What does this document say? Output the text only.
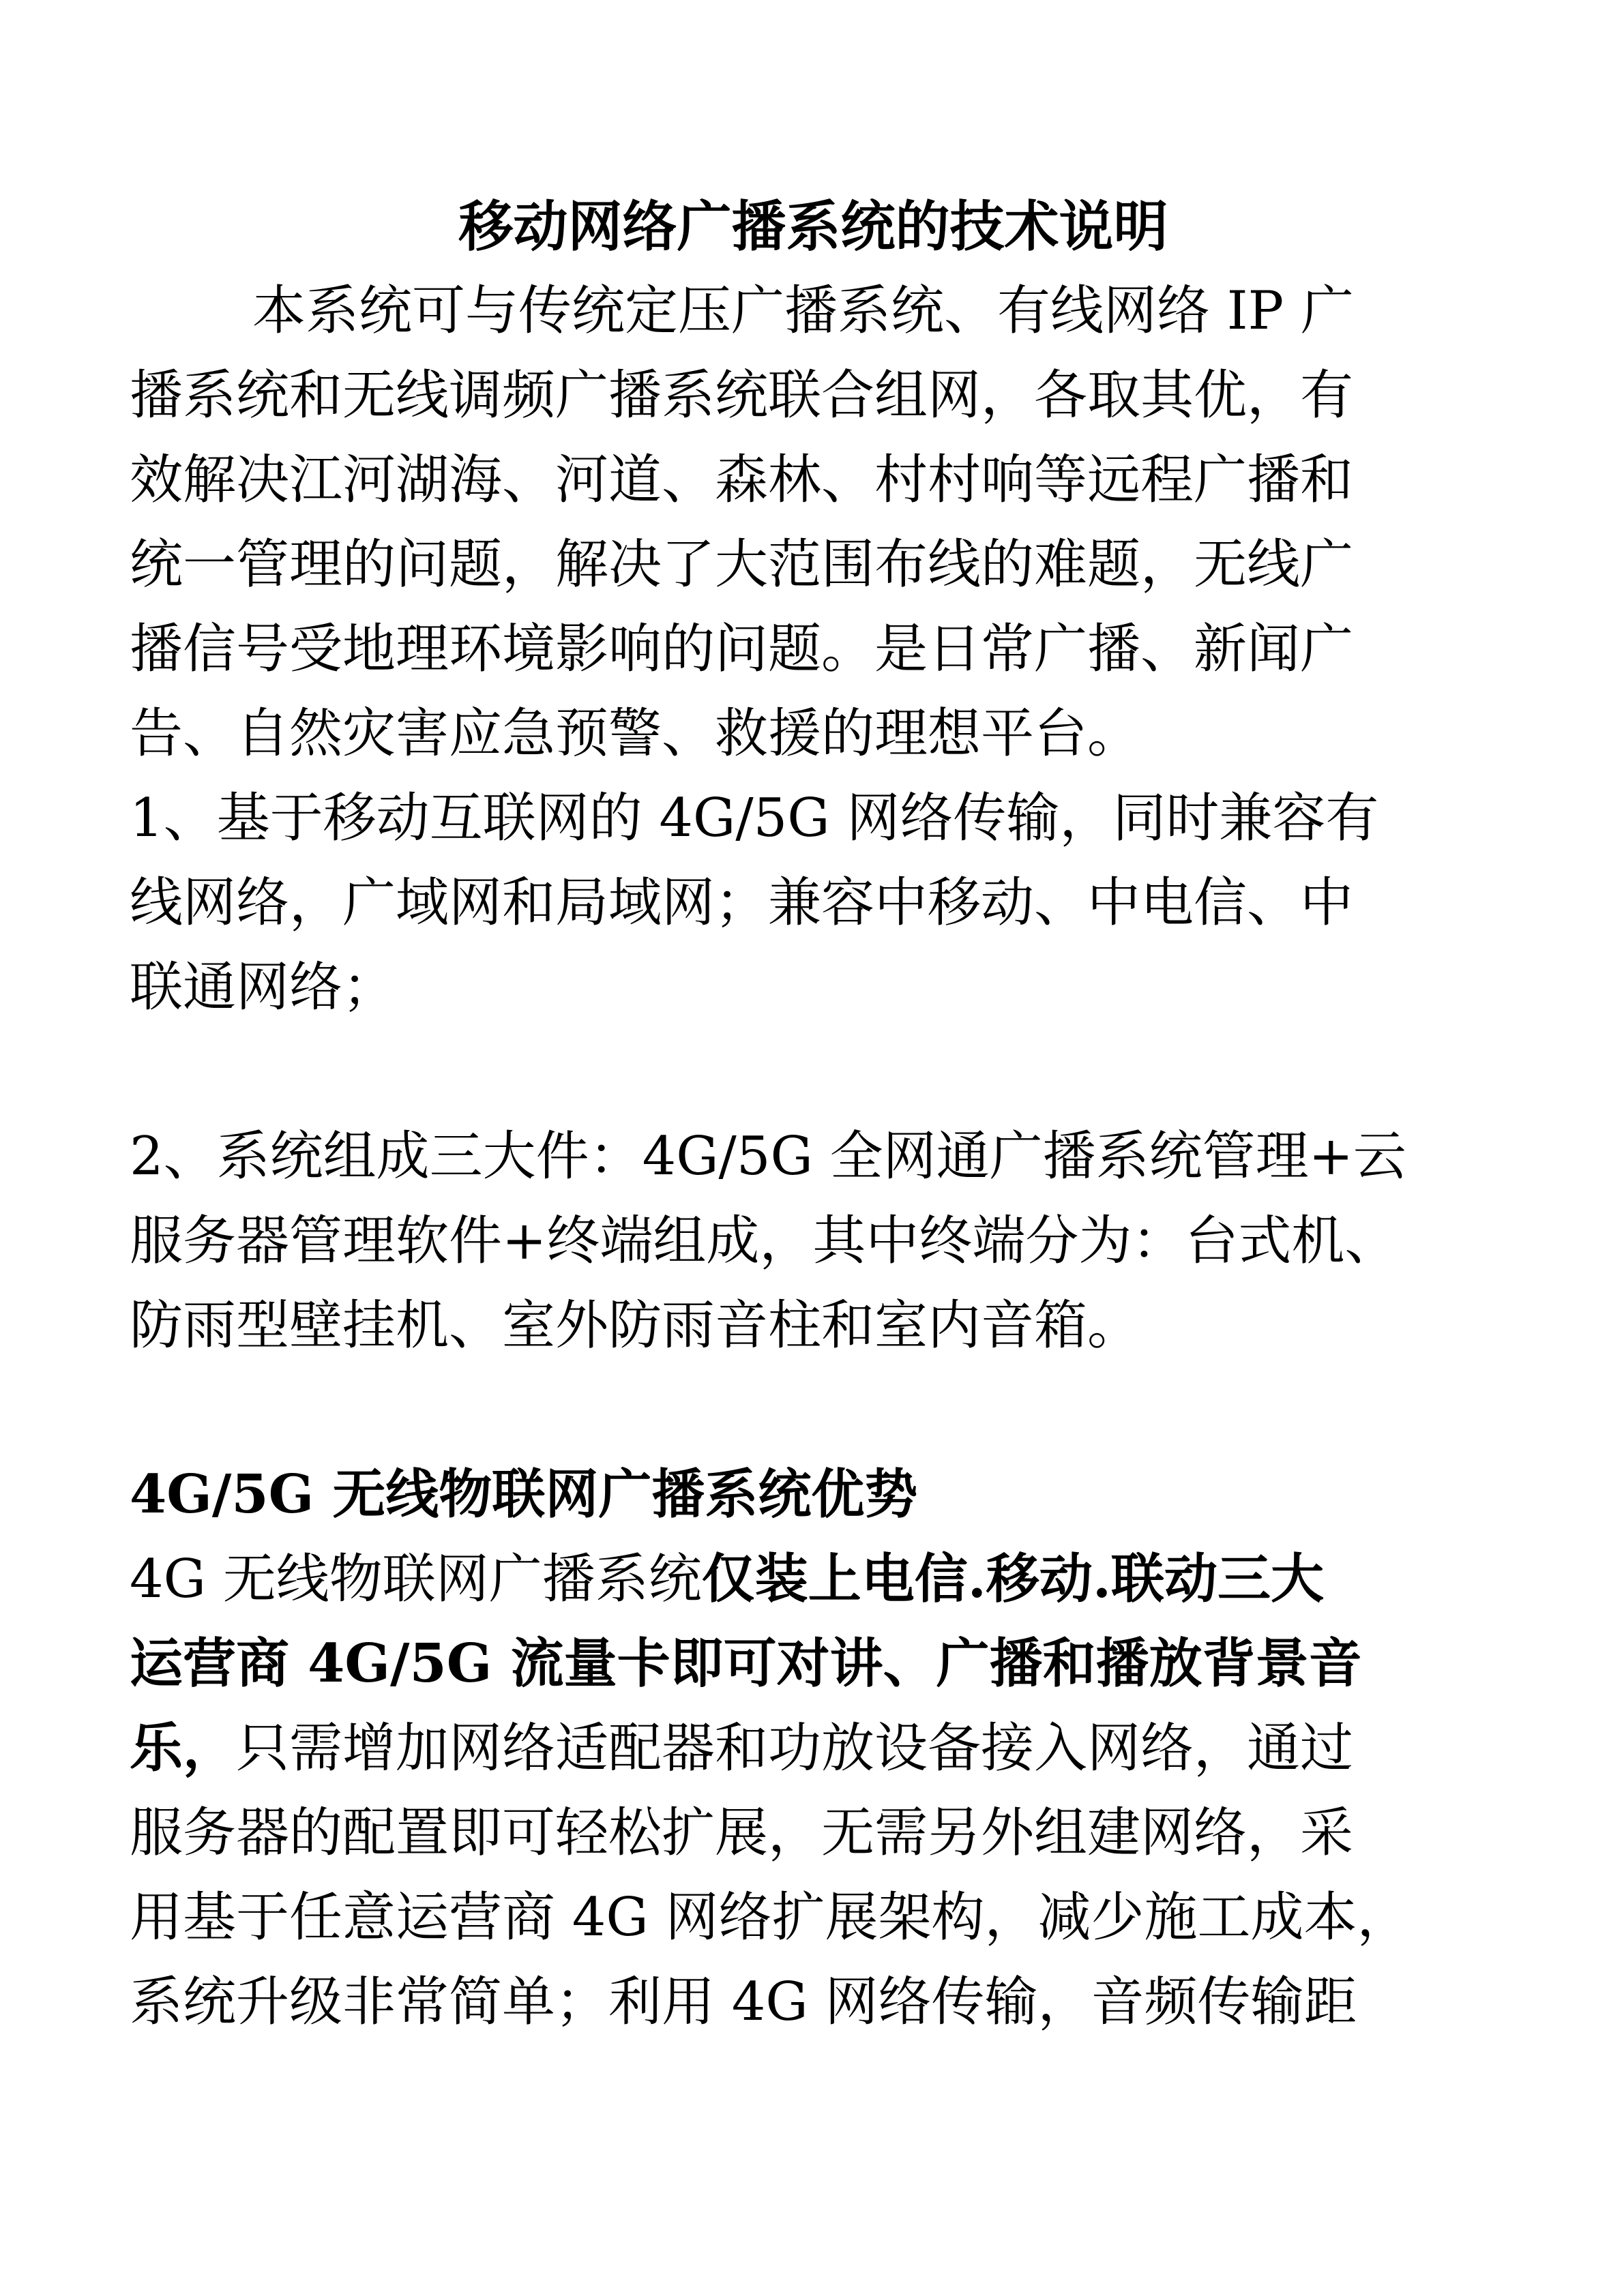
移动网络广播系统的技术说明
本系统可与传统定压广播系统、有线网络 IP 广
播系统和无线调频广播系统联合组网，各取其优，有
效解决江河湖海、河道、森林、村村响等远程广播和
统一管理的问题，解决了大范围布线的难题，无线广
播信号受地理环境影响的问题。是日常广播、新闻广
告、自然灾害应急预警、救援的理想平台。
1、基于移动互联网的 4G/5G 网络传输，同时兼容有
线网络，广域网和局域网；兼容中移动、中电信、中
联通网络；
2、系统组成三大件：4G/5G 全网通广播系统管理+云
服务器管理软件+终端组成，其中终端分为：台式机、
防雨型壁挂机、室外防雨音柱和室内音箱。
4G/5G 无线物联网广播系统优势
4G 无线物联网广播系统仅装上电信.移动.联动三大
运营商 4G/5G 流量卡即可对讲、广播和播放背景音
乐，只需增加网络适配器和功放设备接入网络，通过
服务器的配置即可轻松扩展，无需另外组建网络，采
用基于任意运营商 4G 网络扩展架构，减少施工成本，
系统升级非常简单；利用 4G 网络传输，音频传输距
